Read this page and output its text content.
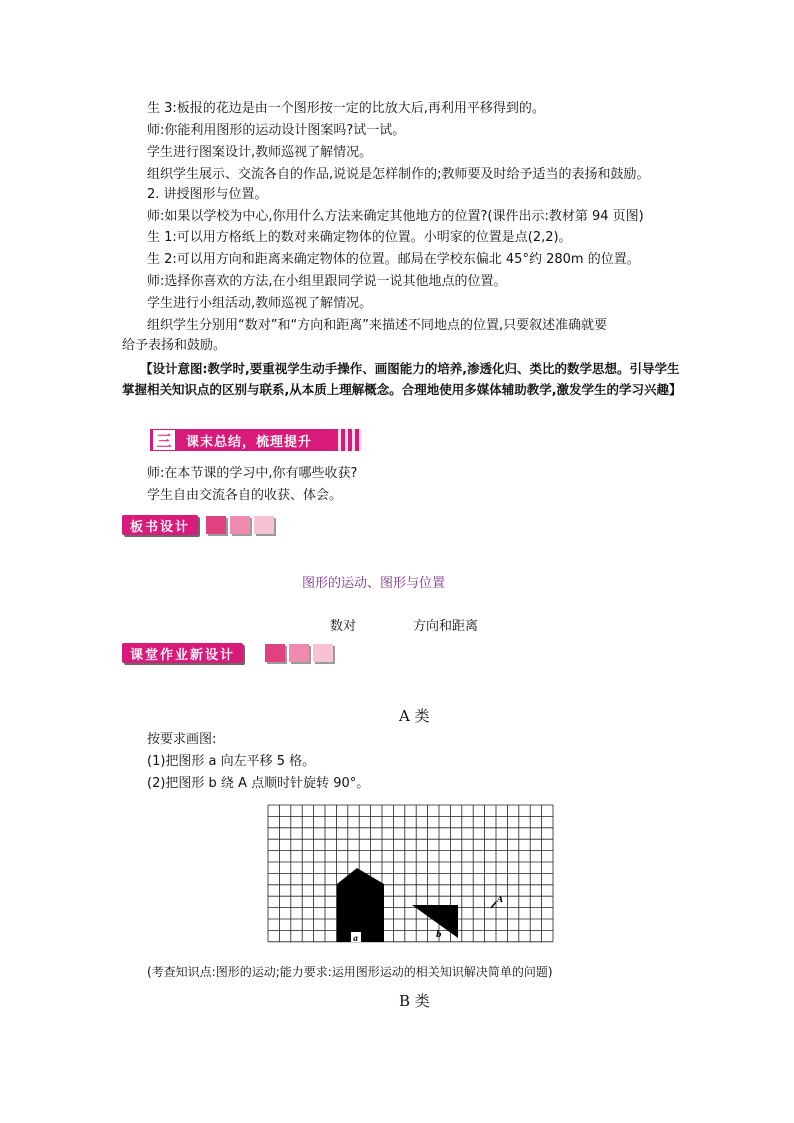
生 3:板报的花边是由一个图形按一定的比放大后,再利用平移得到的。
师:你能利用图形的运动设计图案吗?试一试。
学生进行图案设计,教师巡视了解情况。
组织学生展示、交流各自的作品,说说是怎样制作的;教师要及时给予适当的表扬和鼓励。
2. 讲授图形与位置。
师:如果以学校为中心,你用什么方法来确定其他地方的位置?(课件出示:教材第 94 页图)
生 1:可以用方格纸上的数对来确定物体的位置。小明家的位置是点(2,2)。
生 2:可以用方向和距离来确定物体的位置。邮局在学校东偏北 45°约 280m 的位置。
师:选择你喜欢的方法,在小组里跟同学说一说其他地点的位置。
学生进行小组活动,教师巡视了解情况。
组织学生分别用“数对”和“方向和距离”来描述不同地点的位置,只要叙述准确就要
给予表扬和鼓励。
【设计意图:教学时,要重视学生动手操作、画图能力的培养,渗透化归、类比的数学思想。引导学生掌握相关知识点的区别与联系,从本质上理解概念。合理地使用多媒体辅助教学,激发学生的学习兴趣】
三	课末总结，梳理提升
师:在本节课的学习中,你有哪些收获?
学生自由交流各自的收获、体会。
板书设计
图形的运动、图形与位置
数对	方向和距离
课堂作业新设计
A 类
按要求画图:
(1)把图形 a 向左平移 5 格。
(2)把图形 b 绕 A 点顺时针旋转 90°。
a	b
A
(考查知识点:图形的运动;能力要求:运用图形运动的相关知识解决简单的问题)
B 类
